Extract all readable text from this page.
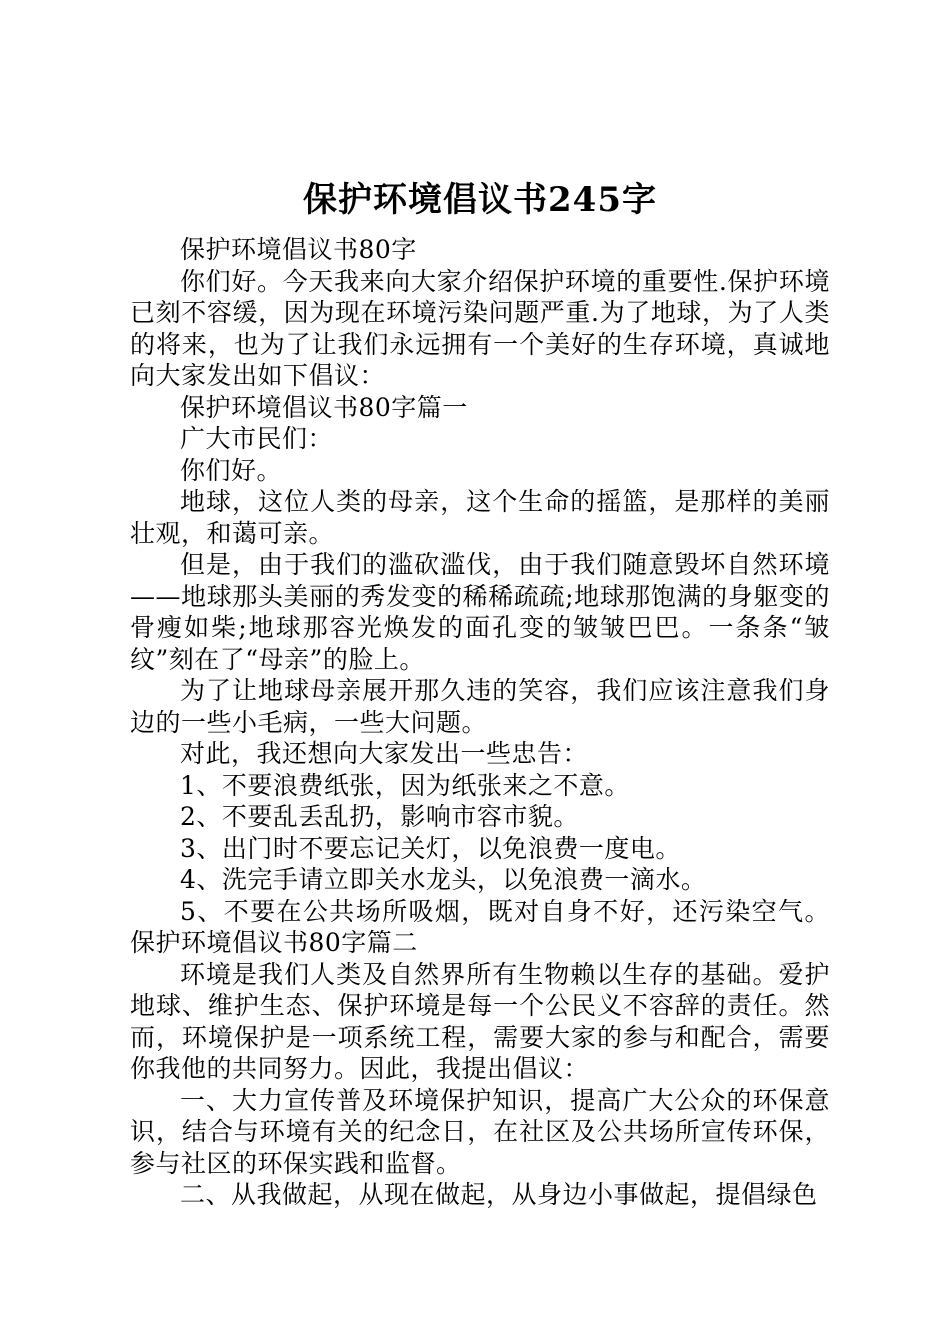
保护环境倡议书245字

保护环境倡议书80字

你们好。今天我来向大家介绍保护环境的重要性.保护环境已刻不容缓，因为现在环境污染问题严重.为了地球，为了人类的将来，也为了让我们永远拥有一个美好的生存环境，真诚地向大家发出如下倡议：

保护环境倡议书80字篇一

广大市民们：

你们好。

地球，这位人类的母亲，这个生命的摇篮，是那样的美丽壮观，和蔼可亲。

但是，由于我们的滥砍滥伐，由于我们随意毁坏自然环境——地球那头美丽的秀发变的稀稀疏疏;地球那饱满的身躯变的骨瘦如柴;地球那容光焕发的面孔变的皱皱巴巴。一条条“皱纹”刻在了“母亲”的脸上。

为了让地球母亲展开那久违的笑容，我们应该注意我们身边的一些小毛病，一些大问题。

对此，我还想向大家发出一些忠告：

1、不要浪费纸张，因为纸张来之不意。

2、不要乱丢乱扔，影响市容市貌。

3、出门时不要忘记关灯，以免浪费一度电。

4、洗完手请立即关水龙头，以免浪费一滴水。

5、不要在公共场所吸烟，既对自身不好，还污染空气。保护环境倡议书80字篇二

环境是我们人类及自然界所有生物赖以生存的基础。爱护地球、维护生态、保护环境是每一个公民义不容辞的责任。然而，环境保护是一项系统工程，需要大家的参与和配合，需要你我他的共同努力。因此，我提出倡议：

一、大力宣传普及环境保护知识，提高广大公众的环保意识，结合与环境有关的纪念日，在社区及公共场所宣传环保，参与社区的环保实践和监督。

二、从我做起，从现在做起，从身边小事做起，提倡绿色
